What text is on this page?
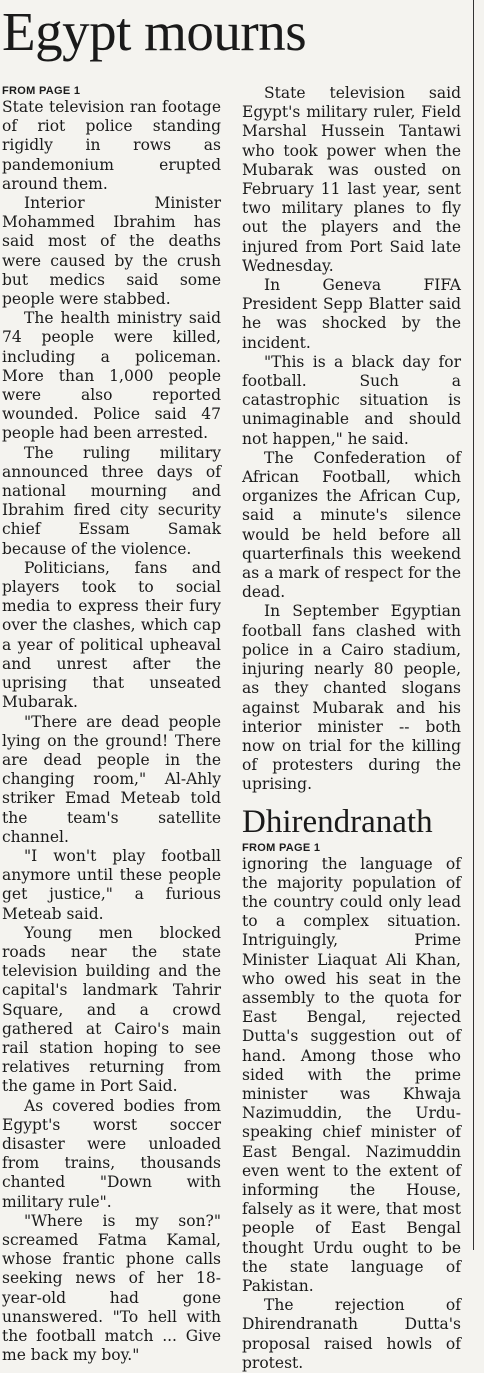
Egypt mourns
FROM PAGE 1

State television ran footage of riot police standing rigidly in rows as pandemonium erupted around them.

Interior Minister Mohammed Ibrahim has said most of the deaths were caused by the crush but medics said some people were stabbed.

The health ministry said 74 people were killed, including a policeman. More than 1,000 people were also reported wounded. Police said 47 people had been arrested.

The ruling military announced three days of national mourning and Ibrahim fired city security chief Essam Samak because of the violence.

Politicians, fans and players took to social media to express their fury over the clashes, which cap a year of political upheaval and unrest after the uprising that unseated Mubarak.

"There are dead people lying on the ground! There are dead people in the changing room," Al-Ahly striker Emad Meteab told the team's satellite channel.

"I won't play football anymore until these people get justice," a furious Meteab said.

Young men blocked roads near the state television building and the capital's landmark Tahrir Square, and a crowd gathered at Cairo's main rail station hoping to see relatives returning from the game in Port Said.

As covered bodies from Egypt's worst soccer disaster were unloaded from trains, thousands chanted "Down with military rule".

"Where is my son?" screamed Fatma Kamal, whose frantic phone calls seeking news of her 18-year-old had gone unanswered. "To hell with the football match ... Give me back my boy."

State television said Egypt's military ruler, Field Marshal Hussein Tantawi who took power when the Mubarak was ousted on February 11 last year, sent two military planes to fly out the players and the injured from Port Said late Wednesday.

In Geneva FIFA President Sepp Blatter said he was shocked by the incident.

"This is a black day for football. Such a catastrophic situation is unimaginable and should not happen," he said.

The Confederation of African Football, which organizes the African Cup, said a minute's silence would be held before all quarterfinals this weekend as a mark of respect for the dead.

In September Egyptian football fans clashed with police in a Cairo stadium, injuring nearly 80 people, as they chanted slogans against Mubarak and his interior minister -- both now on trial for the killing of protesters during the uprising.

Dhirendranath
FROM PAGE 1

ignoring the language of the majority population of the country could only lead to a complex situation. Intriguingly, Prime Minister Liaquat Ali Khan, who owed his seat in the assembly to the quota for East Bengal, rejected Dutta's suggestion out of hand. Among those who sided with the prime minister was Khwaja Nazimuddin, the Urdu-speaking chief minister of East Bengal. Nazimuddin even went to the extent of informing the House, falsely as it were, that most people of East Bengal thought Urdu ought to be the state language of Pakistan.

The rejection of Dhirendranath Dutta's proposal raised howls of protest.
